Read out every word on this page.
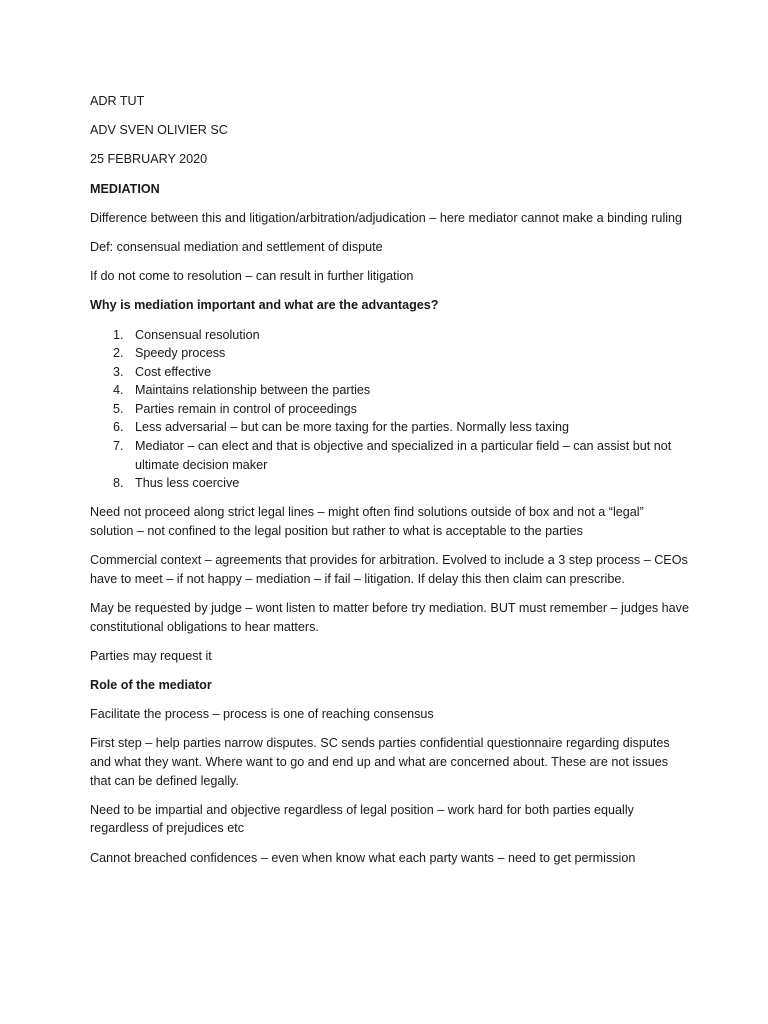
ADR TUT
ADV SVEN OLIVIER SC
25 FEBRUARY 2020
MEDIATION
Difference between this and litigation/arbitration/adjudication – here mediator cannot make a binding ruling
Def: consensual mediation and settlement of dispute
If do not come to resolution – can result in further litigation
Why is mediation important and what are the advantages?
1. Consensual resolution
2. Speedy process
3. Cost effective
4. Maintains relationship between the parties
5. Parties remain in control of proceedings
6. Less adversarial – but can be more taxing for the parties. Normally less taxing
7. Mediator – can elect and that is objective and specialized in a particular field – can assist but not ultimate decision maker
8. Thus less coercive
Need not proceed along strict legal lines – might often find solutions outside of box and not a “legal” solution – not confined to the legal position but rather to what is acceptable to the parties
Commercial context – agreements that provides for arbitration. Evolved to include a 3 step process – CEOs have to meet – if not happy – mediation – if fail – litigation. If delay this then claim can prescribe.
May be requested by judge – wont listen to matter before try mediation. BUT must remember – judges have constitutional obligations to hear matters.
Parties may request it
Role of the mediator
Facilitate the process – process is one of reaching consensus
First step – help parties narrow disputes. SC sends parties confidential questionnaire regarding disputes and what they want. Where want to go and end up and what are concerned about. These are not issues that can be defined legally.
Need to be impartial and objective regardless of legal position – work hard for both parties equally regardless of prejudices etc
Cannot breached confidences – even when know what each party wants – need to get permission
